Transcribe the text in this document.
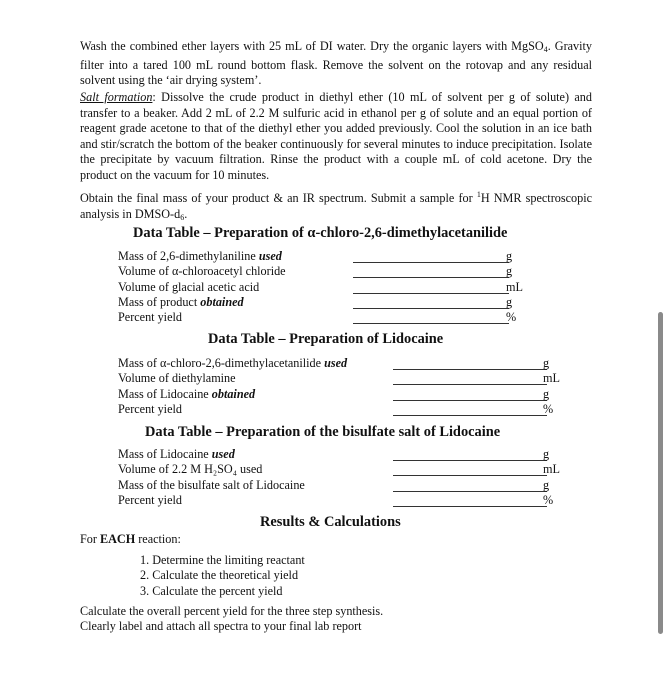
Wash the combined ether layers with 25 mL of DI water. Dry the organic layers with MgSO$_4$. Gravity filter into a tared 100 mL round bottom flask. Remove the solvent on the rotovap and any residual solvent using the ‘air drying system’.
Salt formation: Dissolve the crude product in diethyl ether (10 mL of solvent per g of solute) and transfer to a beaker. Add 2 mL of 2.2 M sulfuric acid in ethanol per g of solute and an equal portion of reagent grade acetone to that of the diethyl ether you added previously. Cool the solution in an ice bath and stir/scratch the bottom of the beaker continuously for several minutes to induce precipitation. Isolate the precipitate by vacuum filtration. Rinse the product with a couple mL of cold acetone. Dry the product on the vacuum for 10 minutes.
Obtain the final mass of your product & an IR spectrum. Submit a sample for $^1$H NMR spectroscopic analysis in DMSO-$d_6$.
Data Table – Preparation of α-chloro-2,6-dimethylacetanilide
Mass of 2,6-dimethylaniline used	g
Volume of α-chloroacetyl chloride	g
Volume of glacial acetic acid	mL
Mass of product obtained	g
Percent yield	%
Data Table – Preparation of Lidocaine
Mass of α-chloro-2,6-dimethylacetanilide used	g
Volume of diethylamine	mL
Mass of Lidocaine obtained	g
Percent yield	%
Data Table – Preparation of the bisulfate salt of Lidocaine
Mass of Lidocaine used	g
Volume of 2.2 M H₂SO₄ used	mL
Mass of the bisulfate salt of Lidocaine	g
Percent yield	%
Results & Calculations
For EACH reaction:
1. Determine the limiting reactant
2. Calculate the theoretical yield
3. Calculate the percent yield
Calculate the overall percent yield for the three step synthesis.
Clearly label and attach all spectra to your final lab report
